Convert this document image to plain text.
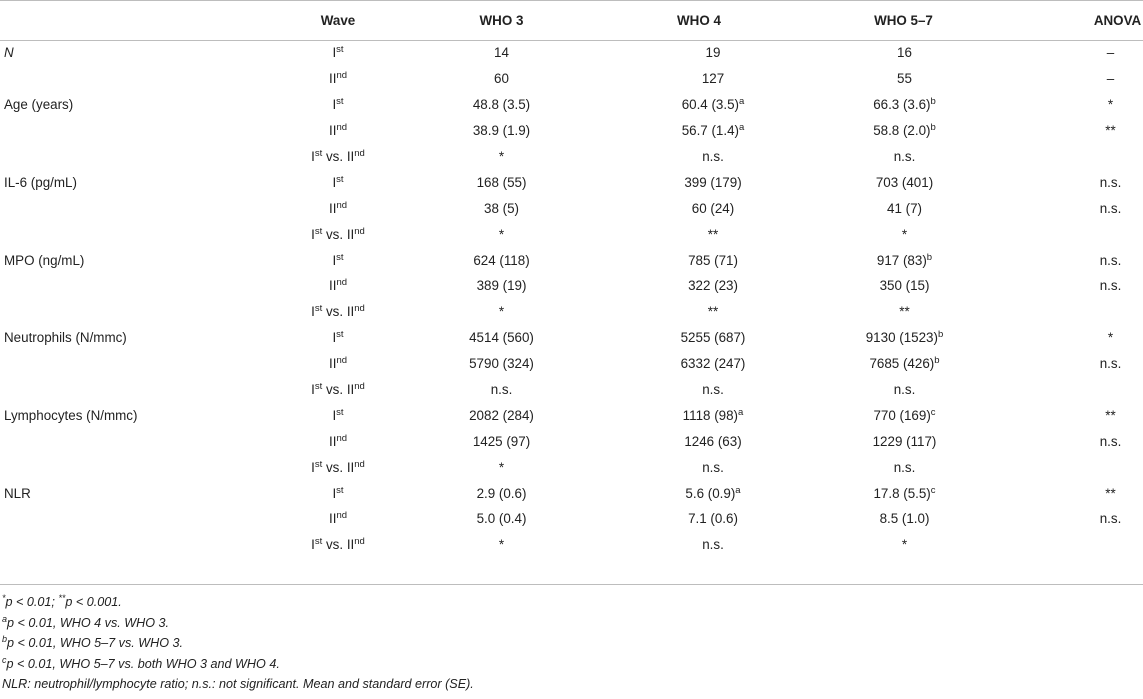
	Wave	WHO 3	WHO 4	WHO 5–7	ANOVA
N	Ist	14	19	16	–
	IInd	60	127	55	–
Age (years)	Ist	48.8 (3.5)	60.4 $(3.5)^a$	66.3 $(3.6)^b$	*
	IInd	38.9 (1.9)	56.7 $(1.4)^a$	58.8 $(2.0)^b$	**
	Ist vs. IInd	*	n.s.	n.s.	
IL-6 (pg/mL)	Ist	168 (55)	399 (179)	703 (401)	n.s.
	IInd	38 (5)	60 (24)	41 (7)	n.s.
	Ist vs. IInd	*	**	*	
MPO (ng/mL)	Ist	624 (118)	785 (71)	917 $(83)^b$	n.s.
	IInd	389 (19)	322 (23)	350 (15)	n.s.
	Ist vs. IInd	*	**	**	
Neutrophils (N/mmc)	Ist	4514 (560)	5255 (687)	9130 $(1523)^b$	*
	IInd	5790 (324)	6332 (247)	7685 $(426)^b$	n.s.
	Ist vs. IInd	n.s.	n.s.	n.s.	
Lymphocytes (N/mmc)	Ist	2082 (284)	1118 $(98)^a$	770 $(169)^c$	**
	IInd	1425 (97)	1246 (63)	1229 (117)	n.s.
	Ist vs. IInd	*	n.s.	n.s.	
NLR	Ist	2.9 (0.6)	5.6 $(0.9)^a$	17.8 $(5.5)^c$	**
	IInd	5.0 (0.4)	7.1 (0.6)	8.5 (1.0)	n.s.
	Ist vs. IInd	*	n.s.	*	
*p < 0.01; **p < 0.001.
$^a$p < 0.01, WHO 4 vs. WHO 3.
$^b$p < 0.01, WHO 5–7 vs. WHO 3.
$^c$p < 0.01, WHO 5–7 vs. both WHO 3 and WHO 4.
NLR: neutrophil/lymphocyte ratio; n.s.: not significant. Mean and standard error (SE).
